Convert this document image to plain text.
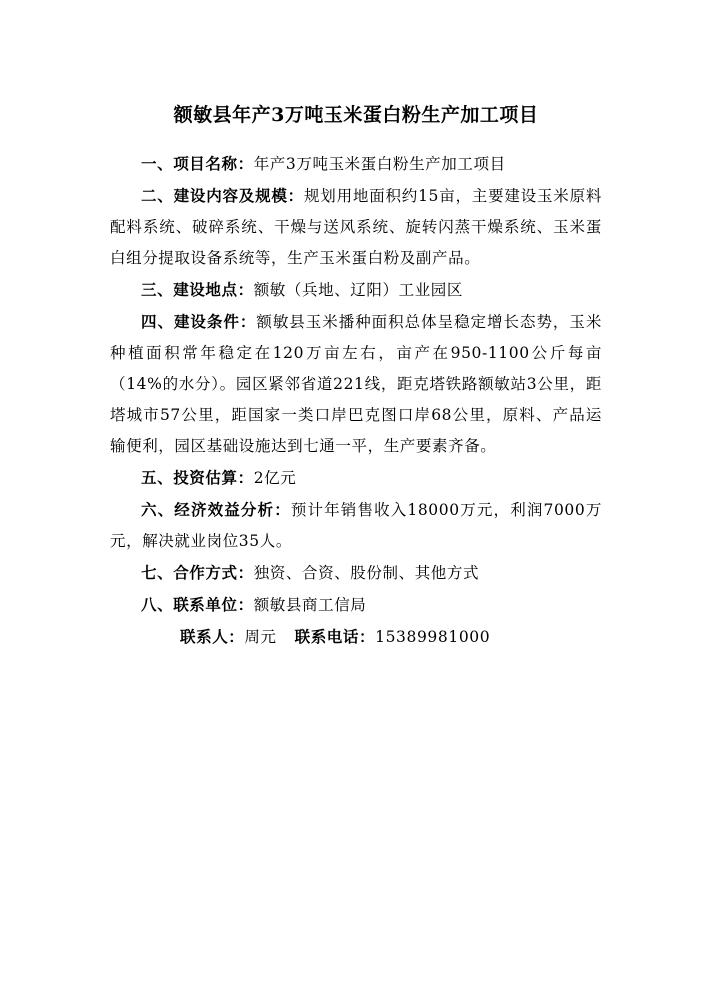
额敏县年产3万吨玉米蛋白粉生产加工项目

一、项目名称：年产3万吨玉米蛋白粉生产加工项目

二、建设内容及规模：规划用地面积约15亩，主要建设玉米原料配料系统、破碎系统、干燥与送风系统、旋转闪蒸干燥系统、玉米蛋白组分提取设备系统等，生产玉米蛋白粉及副产品。

三、建设地点：额敏（兵地、辽阳）工业园区

四、建设条件：额敏县玉米播种面积总体呈稳定增长态势，玉米种植面积常年稳定在120万亩左右，亩产在950-1100公斤每亩（14%的水分）。园区紧邻省道221线，距克塔铁路额敏站3公里，距塔城市57公里，距国家一类口岸巴克图口岸68公里，原料、产品运输便利，园区基础设施达到七通一平，生产要素齐备。

五、投资估算：2亿元

六、经济效益分析：预计年销售收入18000万元，利润7000万元，解决就业岗位35人。

七、合作方式：独资、合资、股份制、其他方式

八、联系单位：额敏县商工信局

联系人：周元 联系电话：15389981000
